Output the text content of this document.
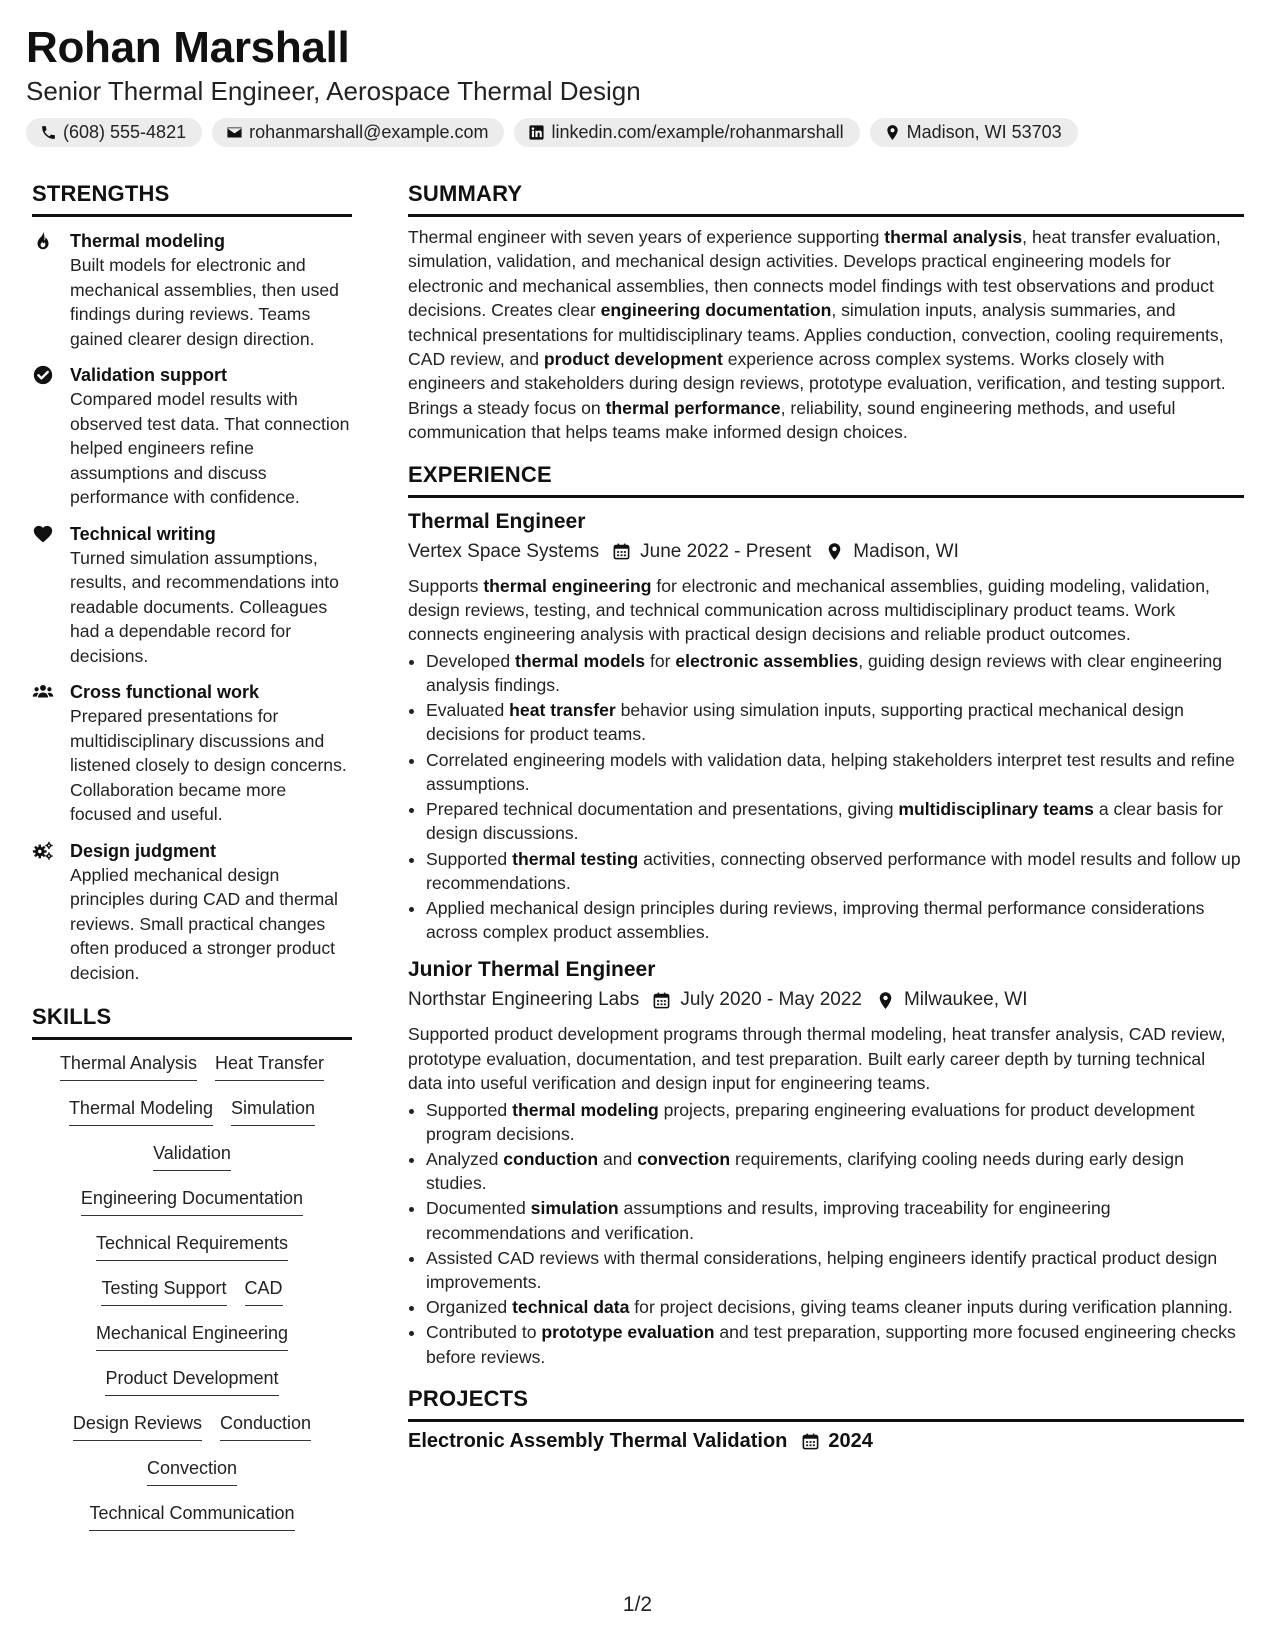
Rohan Marshall
Senior Thermal Engineer, Aerospace Thermal Design
(608) 555-4821	rohanmarshall@example.com	linkedin.com/example/rohanmarshall	Madison, WI 53703
STRENGTHS
Thermal modeling
Built models for electronic and mechanical assemblies, then used findings during reviews. Teams gained clearer design direction.
Validation support
Compared model results with observed test data. That connection helped engineers refine assumptions and discuss performance with confidence.
Technical writing
Turned simulation assumptions, results, and recommendations into readable documents. Colleagues had a dependable record for decisions.
Cross functional work
Prepared presentations for multidisciplinary discussions and listened closely to design concerns. Collaboration became more focused and useful.
Design judgment
Applied mechanical design principles during CAD and thermal reviews. Small practical changes often produced a stronger product decision.
SKILLS
Thermal Analysis Heat Transfer
Thermal Modeling Simulation
Validation
Engineering Documentation
Technical Requirements
Testing Support CAD
Mechanical Engineering
Product Development
Design Reviews Conduction
Convection
Technical Communication
SUMMARY
Thermal engineer with seven years of experience supporting thermal analysis, heat transfer evaluation, simulation, validation, and mechanical design activities. Develops practical engineering models for electronic and mechanical assemblies, then connects model findings with test observations and product decisions. Creates clear engineering documentation, simulation inputs, analysis summaries, and technical presentations for multidisciplinary teams. Applies conduction, convection, cooling requirements, CAD review, and product development experience across complex systems. Works closely with engineers and stakeholders during design reviews, prototype evaluation, verification, and testing support. Brings a steady focus on thermal performance, reliability, sound engineering methods, and useful communication that helps teams make informed design choices.
EXPERIENCE
Thermal Engineer
Vertex Space Systems June 2022 - Present Madison, WI
Supports thermal engineering for electronic and mechanical assemblies, guiding modeling, validation, design reviews, testing, and technical communication across multidisciplinary product teams. Work connects engineering analysis with practical design decisions and reliable product outcomes.
• Developed thermal models for electronic assemblies, guiding design reviews with clear engineering analysis findings.
• Evaluated heat transfer behavior using simulation inputs, supporting practical mechanical design decisions for product teams.
• Correlated engineering models with validation data, helping stakeholders interpret test results and refine assumptions.
• Prepared technical documentation and presentations, giving multidisciplinary teams a clear basis for design discussions.
• Supported thermal testing activities, connecting observed performance with model results and follow up recommendations.
• Applied mechanical design principles during reviews, improving thermal performance considerations across complex product assemblies.
Junior Thermal Engineer
Northstar Engineering Labs July 2020 - May 2022 Milwaukee, WI
Supported product development programs through thermal modeling, heat transfer analysis, CAD review, prototype evaluation, documentation, and test preparation. Built early career depth by turning technical data into useful verification and design input for engineering teams.
• Supported thermal modeling projects, preparing engineering evaluations for product development program decisions.
• Analyzed conduction and convection requirements, clarifying cooling needs during early design studies.
• Documented simulation assumptions and results, improving traceability for engineering recommendations and verification.
• Assisted CAD reviews with thermal considerations, helping engineers identify practical product design improvements.
• Organized technical data for project decisions, giving teams cleaner inputs during verification planning.
• Contributed to prototype evaluation and test preparation, supporting more focused engineering checks before reviews.
PROJECTS
Electronic Assembly Thermal Validation 2024
1/2
